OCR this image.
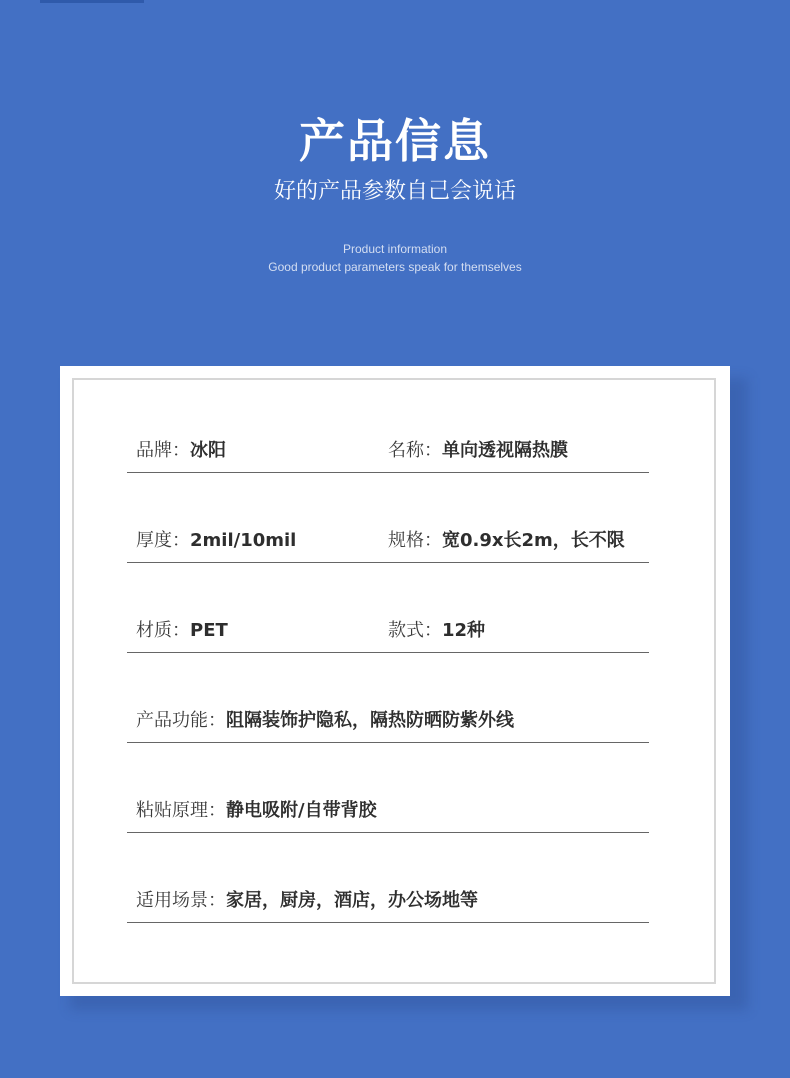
产品信息
好的产品参数自己会说话
Product information
Good product parameters speak for themselves
品牌：冰阳	名称：单向透视隔热膜
厚度：2mil/10mil	规格：宽0.9x长2m，长不限
材质：PET	款式：12种
产品功能：阻隔装饰护隐私，隔热防晒防紫外线
粘贴原理：静电吸附/自带背胶
适用场景：家居，厨房，酒店，办公场地等
